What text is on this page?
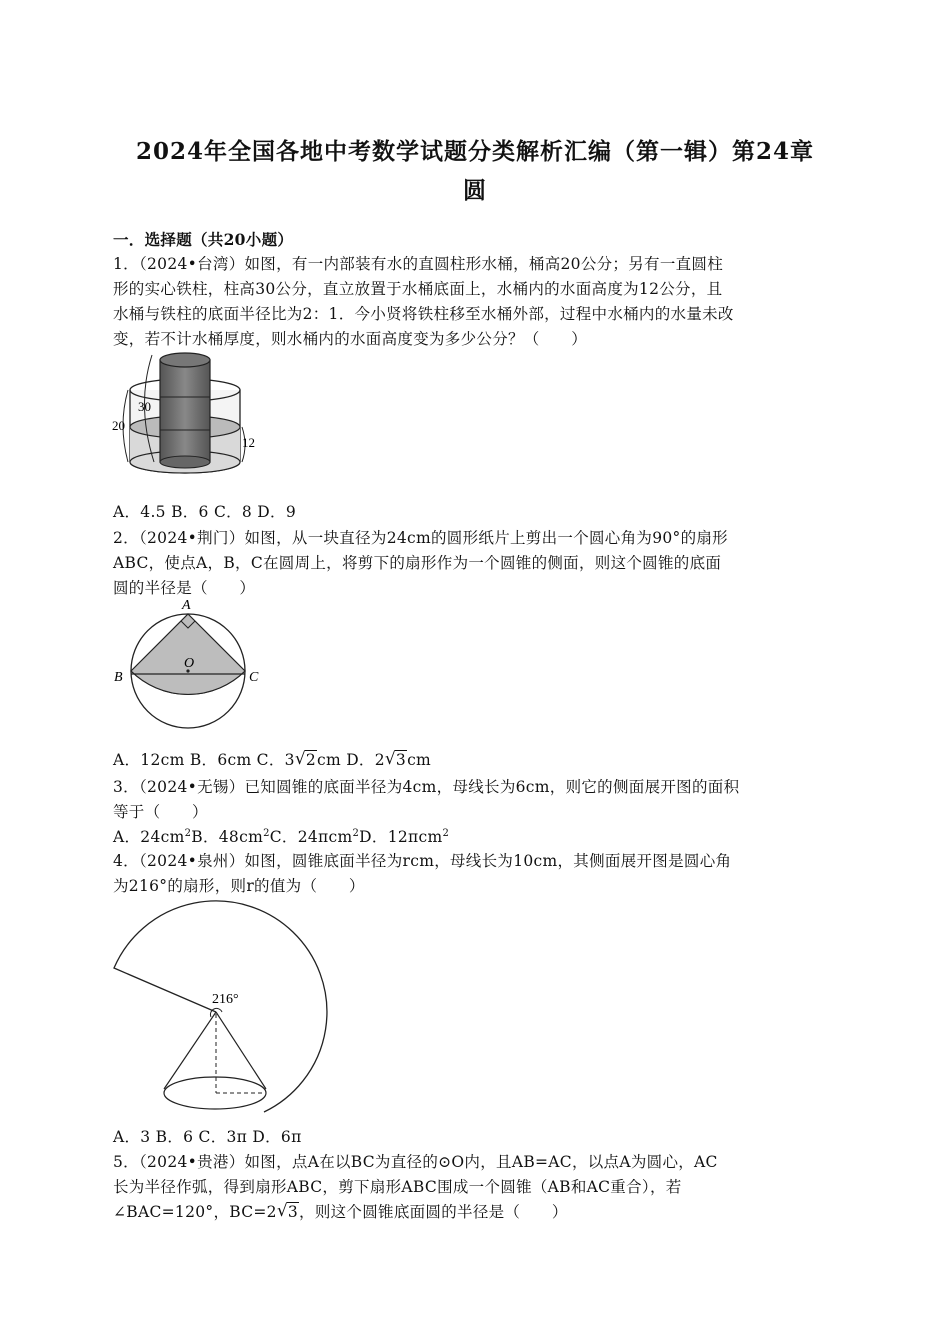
2024年全国各地中考数学试题分类解析汇编（第一辑）第24章
圆
一．选择题（共20小题）
1．（2024•台湾）如图，有一内部装有水的直圆柱形水桶，桶高20公分；另有一直圆柱
形的实心铁柱，柱高30公分，直立放置于水桶底面上，水桶内的水面高度为12公分，且
水桶与铁柱的底面半径比为2：1．今小贤将铁柱移至水桶外部，过程中水桶内的水量未改
变，若不计水桶厚度，则水桶内的水面高度变为多少公分？（　　）
30
20
12
A．4.5 B．6 C．8 D．9
2．（2024•荆门）如图，从一块直径为24cm的圆形纸片上剪出一个圆心角为90°的扇形
ABC，使点A，B，C在圆周上，将剪下的扇形作为一个圆锥的侧面，则这个圆锥的底面
圆的半径是（　　）
A
B	C
O
A．12cm B．6cm C．3 √ 2cm D．2 √ 3cm
3．（2024•无锡）已知圆锥的底面半径为4cm，母线长为6cm，则它的侧面展开图的面积
等于（　　）
A．$24cm^2B$．$48cm^2C$．24πcm$^2$D．12πcm$^2$
4．（2024•泉州）如图，圆锥底面半径为rcm，母线长为10cm，其侧面展开图是圆心角
为216°的扇形，则r的值为（　　）
216°
A．3 B．6 C．3π D．6π
5．（2024•贵港）如图，点A在以BC为直径的⊙O内，且AB=AC，以点A为圆心，AC
长为半径作弧，得到扇形ABC，剪下扇形ABC围成一个圆锥（AB和AC重合），若
∠BAC=120°，BC=2 √ 3，则这个圆锥底面圆的半径是（　　）
